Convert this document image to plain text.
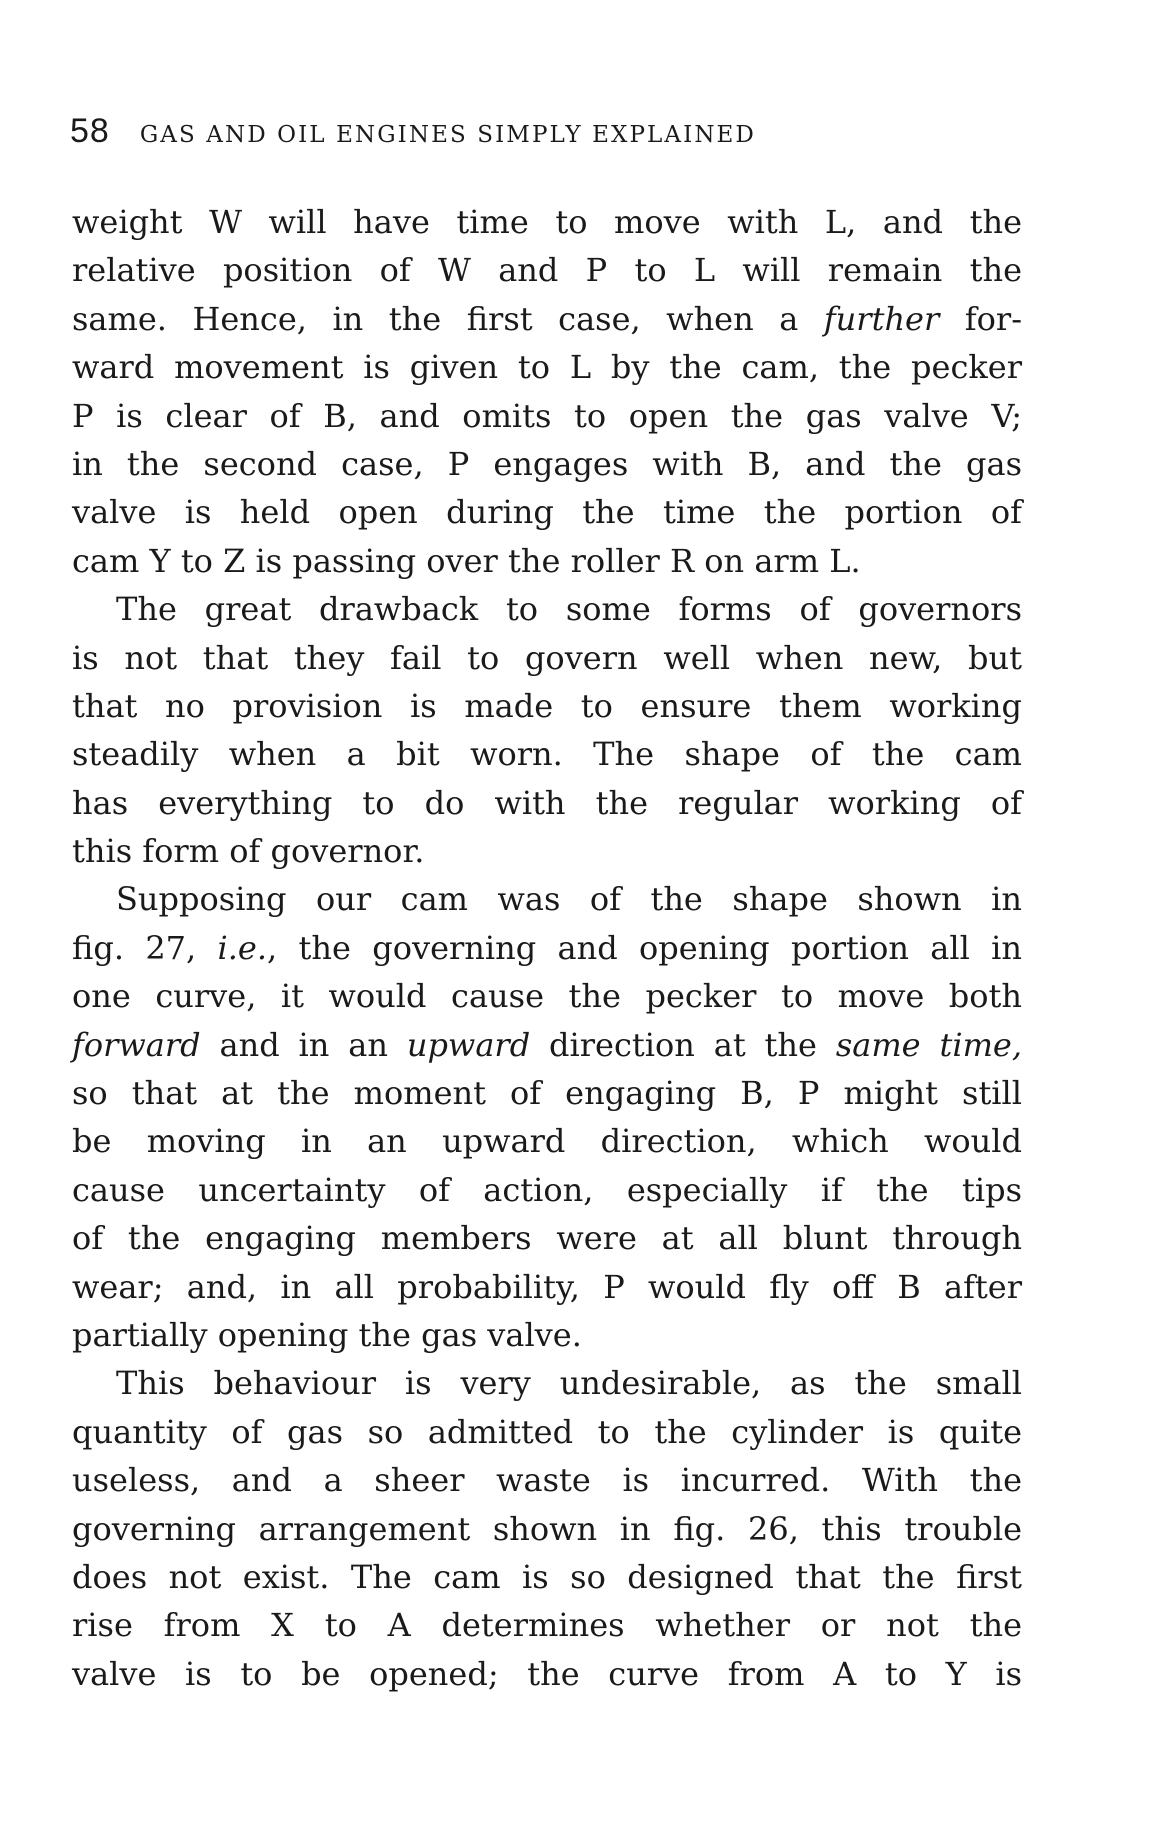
58 GAS AND OIL ENGINES SIMPLY EXPLAINED
weight W will have time to move with L, and the
relative position of W and P to L will remain the
same. Hence, in the first case, when a further for-
ward movement is given to L by the cam, the pecker
P is clear of B, and omits to open the gas valve V;
in the second case, P engages with B, and the gas
valve is held open during the time the portion of
cam Y to Z is passing over the roller R on arm L.
The great drawback to some forms of governors
is not that they fail to govern well when new, but
that no provision is made to ensure them working
steadily when a bit worn. The shape of the cam
has everything to do with the regular working of
this form of governor.
Supposing our cam was of the shape shown in
fig. 27, i.e., the governing and opening portion all in
one curve, it would cause the pecker to move both
forward and in an upward direction at the same time,
so that at the moment of engaging B, P might still
be moving in an upward direction, which would
cause uncertainty of action, especially if the tips
of the engaging members were at all blunt through
wear; and, in all probability, P would fly off B after
partially opening the gas valve.
This behaviour is very undesirable, as the small
quantity of gas so admitted to the cylinder is quite
useless, and a sheer waste is incurred. With the
governing arrangement shown in fig. 26, this trouble
does not exist. The cam is so designed that the first
rise from X to A determines whether or not the
valve is to be opened; the curve from A to Y is
